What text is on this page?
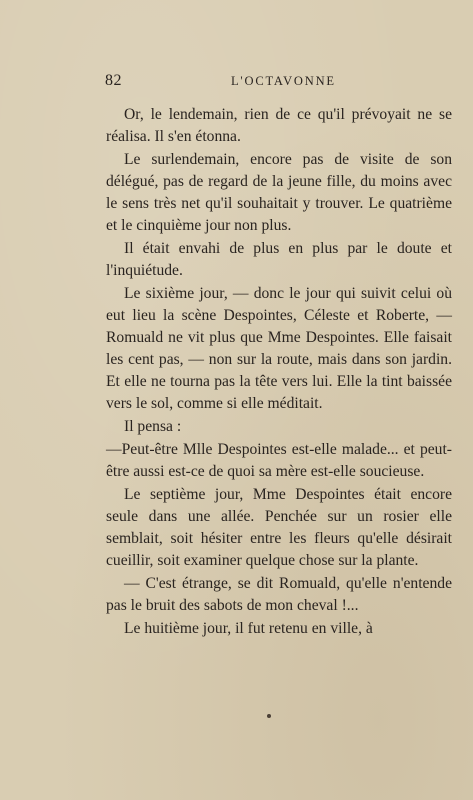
82	L'OCTAVONNE

Or, le lendemain, rien de ce qu'il prévoyait ne se réalisa. Il s'en étonna.

Le surlendemain, encore pas de visite de son délégué, pas de regard de la jeune fille, du moins avec le sens très net qu'il souhaitait y trouver. Le quatrième et le cinquième jour non plus.

Il était envahi de plus en plus par le doute et l'inquiétude.

Le sixième jour, — donc le jour qui suivit celui où eut lieu la scène Despointes, Céleste et Roberte, — Romuald ne vit plus que Mme Despointes. Elle faisait les cent pas, — non sur la route, mais dans son jardin. Et elle ne tourna pas la tête vers lui. Elle la tint baissée vers le sol, comme si elle méditait.

Il pensa :

—Peut-être Mlle Despointes est-elle malade... et peut-être aussi est-ce de quoi sa mère est-elle soucieuse.

Le septième jour, Mme Despointes était encore seule dans une allée. Penchée sur un rosier elle semblait, soit hésiter entre les fleurs qu'elle désirait cueillir, soit examiner quelque chose sur la plante.

— C'est étrange, se dit Romuald, qu'elle n'entende pas le bruit des sabots de mon cheval !...

Le huitième jour, il fut retenu en ville, à
